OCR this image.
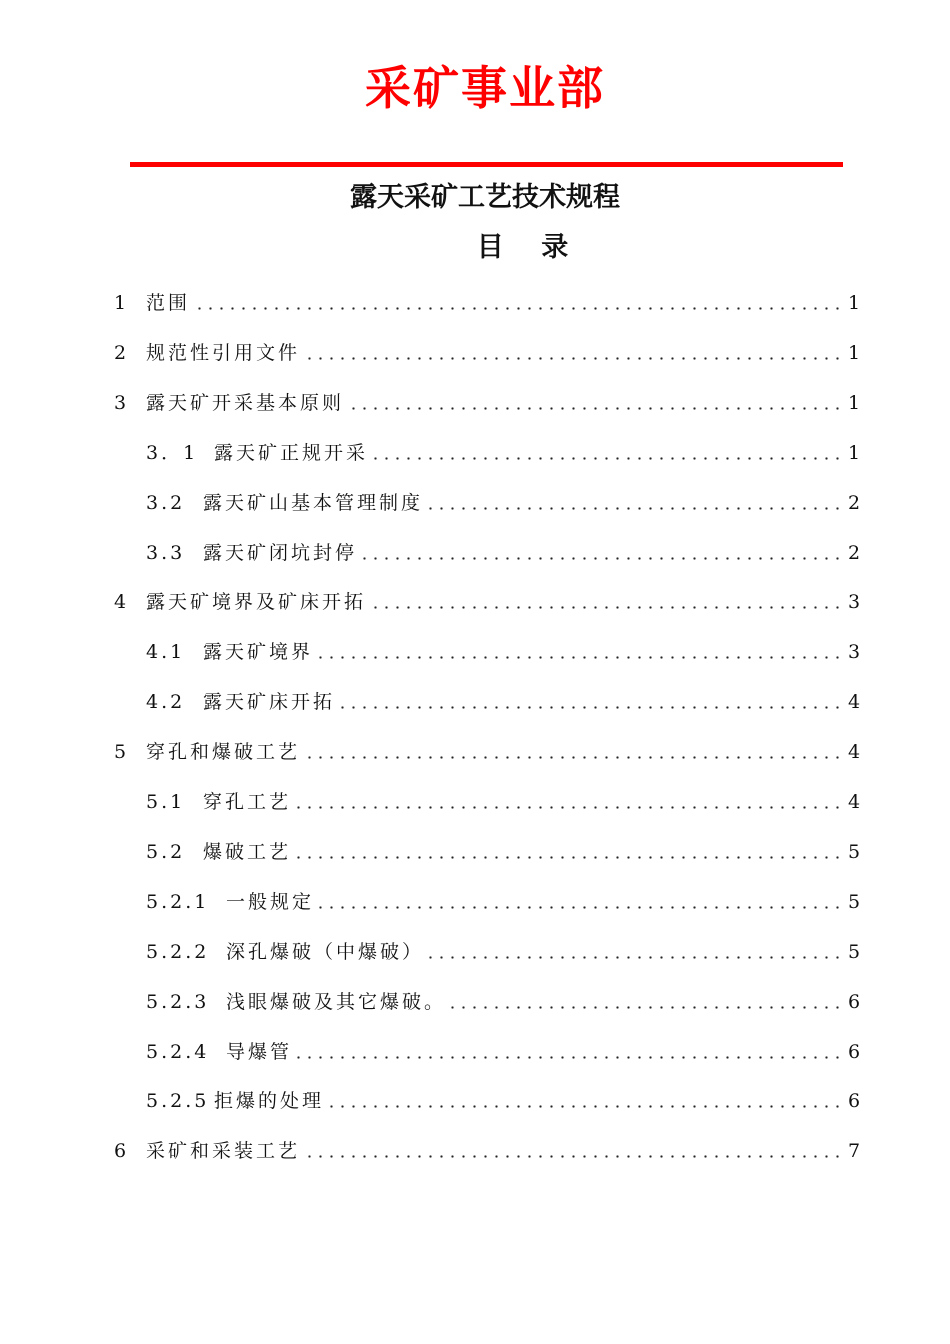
采矿事业部
露天采矿工艺技术规程
目    录
1 范围	1
2 规范性引用文件	1
3 露天矿开采基本原则	1
3．1 露天矿正规开采	1
3.2 露天矿山基本管理制度	2
3.3 露天矿闭坑封停	2
4 露天矿境界及矿床开拓	3
4.1 露天矿境界	3
4.2 露天矿床开拓	4
5 穿孔和爆破工艺	4
5.1 穿孔工艺	4
5.2 爆破工艺	5
5.2.1 一般规定	5
5.2.2 深孔爆破（中爆破）	5
5.2.3 浅眼爆破及其它爆破。	6
5.2.4 导爆管	6
5.2.5 拒爆的处理	6
6 采矿和采装工艺	7
